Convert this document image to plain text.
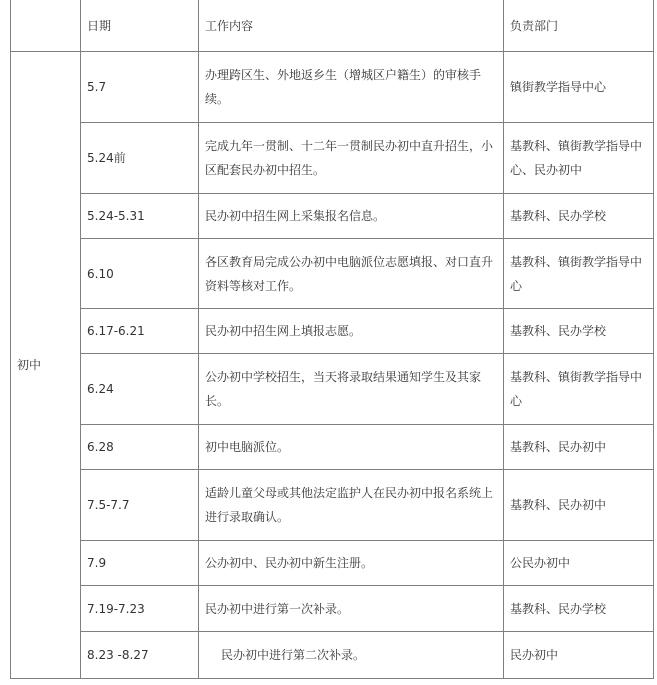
	日期	工作内容	负责部门
初中	5.7	办理跨区生、外地返乡生（增城区户籍生）的审核手续。	镇街教学指导中心
	5.24前	完成九年一贯制、十二年一贯制民办初中直升招生，小区配套民办初中招生。	基教科、镇街教学指导中心、民办初中
	5.24-5.31	民办初中招生网上采集报名信息。	基教科、民办学校
	6.10	各区教育局完成公办初中电脑派位志愿填报、对口直升资料等核对工作。	基教科、镇街教学指导中心
	6.17-6.21	民办初中招生网上填报志愿。	基教科、民办学校
	6.24	公办初中学校招生，当天将录取结果通知学生及其家长。	基教科、镇街教学指导中心
	6.28	初中电脑派位。	基教科、民办初中
	7.5-7.7	适龄儿童父母或其他法定监护人在民办初中报名系统上进行录取确认。	基教科、民办初中
	7.9	公办初中、民办初中新生注册。	公民办初中
	7.19-7.23	民办初中进行第一次补录。	基教科、民办学校
	8.23 -8.27	民办初中进行第二次补录。	民办初中
